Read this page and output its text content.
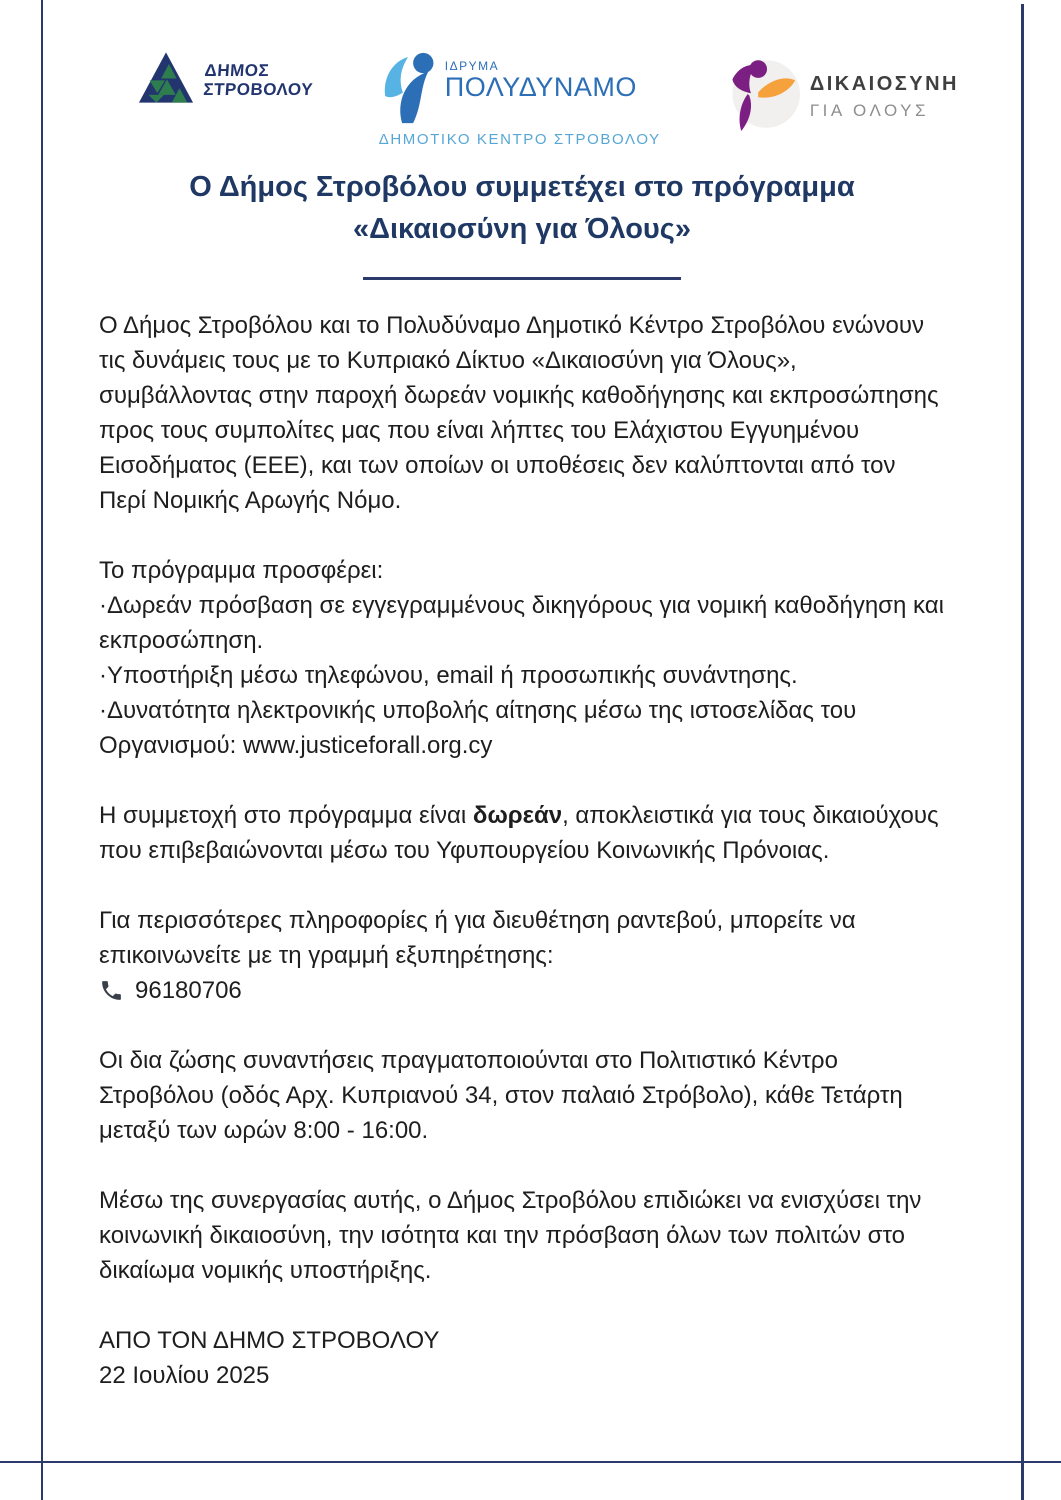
ΔΗΜΟΣ
ΣΤΡΟΒΟΛΟΥ
ΙΔΡΥΜΑ
ΠΟΛΥΔΥΝΑΜΟ
ΔΗΜΟΤΙΚΟ ΚΕΝΤΡΟ ΣΤΡΟΒΟΛΟΥ
ΔΙΚΑΙΟΣΥΝΗ
ΓΙΑ ΟΛΟΥΣ
Ο Δήμος Στροβόλου συμμετέχει στο πρόγραμμα
«Δικαιοσύνη για Όλους»

Ο Δήμος Στροβόλου και το Πολυδύναμο Δημοτικό Κέντρο Στροβόλου ενώνουν τις δυνάμεις τους με το Κυπριακό Δίκτυο «Δικαιοσύνη για Όλους», συμβάλλοντας στην παροχή δωρεάν νομικής καθοδήγησης και εκπροσώπησης προς τους συμπολίτες μας που είναι λήπτες του Ελάχιστου Εγγυημένου Εισοδήματος (ΕΕΕ), και των οποίων οι υποθέσεις δεν καλύπτονται από τον Περί Νομικής Αρωγής Νόμο.

Το πρόγραμμα προσφέρει:
·Δωρεάν πρόσβαση σε εγγεγραμμένους δικηγόρους για νομική καθοδήγηση και εκπροσώπηση.
·Υποστήριξη μέσω τηλεφώνου, email ή προσωπικής συνάντησης.
·Δυνατότητα ηλεκτρονικής υποβολής αίτησης μέσω της ιστοσελίδας του Οργανισμού: www.justiceforall.org.cy

Η συμμετοχή στο πρόγραμμα είναι δωρεάν, αποκλειστικά για τους δικαιούχους που επιβεβαιώνονται μέσω του Υφυπουργείου Κοινωνικής Πρόνοιας.

Για περισσότερες πληροφορίες ή για διευθέτηση ραντεβού, μπορείτε να επικοινωνείτε με τη γραμμή εξυπηρέτησης:
96180706

Οι δια ζώσης συναντήσεις πραγματοποιούνται στο Πολιτιστικό Κέντρο Στροβόλου (οδός Αρχ. Κυπριανού 34, στον παλαιό Στρόβολο), κάθε Τετάρτη μεταξύ των ωρών 8:00 - 16:00.

Μέσω της συνεργασίας αυτής, ο Δήμος Στροβόλου επιδιώκει να ενισχύσει την κοινωνική δικαιοσύνη, την ισότητα και την πρόσβαση όλων των πολιτών στο δικαίωμα νομικής υποστήριξης.

ΑΠΟ ΤΟΝ ΔΗΜΟ ΣΤΡΟΒΟΛΟΥ
22 Ιουλίου 2025
